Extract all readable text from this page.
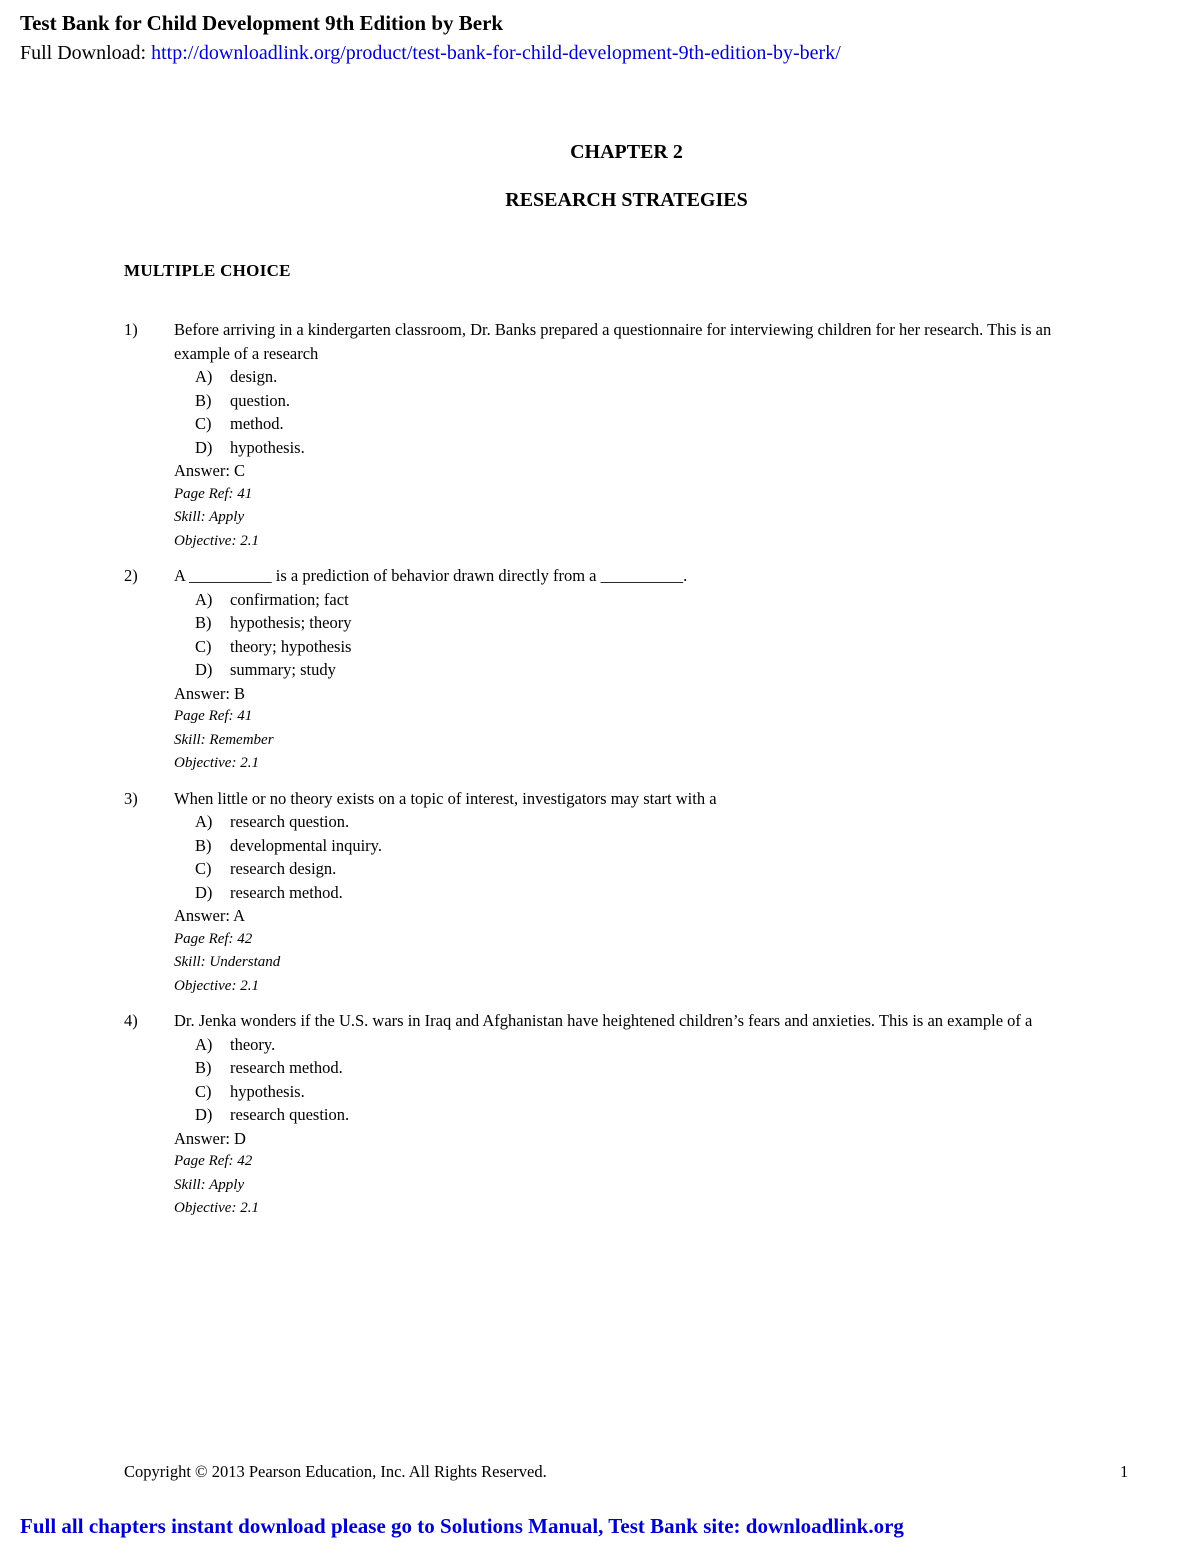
Test Bank for Child Development 9th Edition by Berk
Full Download: http://downloadlink.org/product/test-bank-for-child-development-9th-edition-by-berk/
CHAPTER 2
RESEARCH STRATEGIES
MULTIPLE CHOICE
1)	Before arriving in a kindergarten classroom, Dr. Banks prepared a questionnaire for interviewing children for her research. This is an example of a research
A)	design.
B)	question.
C)	method.
D)	hypothesis.
Answer: C
Page Ref: 41
Skill: Apply
Objective: 2.1
2)	A __________ is a prediction of behavior drawn directly from a __________.
A)	confirmation; fact
B)	hypothesis; theory
C)	theory; hypothesis
D)	summary; study
Answer: B
Page Ref: 41
Skill: Remember
Objective: 2.1
3)	When little or no theory exists on a topic of interest, investigators may start with a
A)	research question.
B)	developmental inquiry.
C)	research design.
D)	research method.
Answer: A
Page Ref: 42
Skill: Understand
Objective: 2.1
4)	Dr. Jenka wonders if the U.S. wars in Iraq and Afghanistan have heightened children’s fears and anxieties. This is an example of a
A)	theory.
B)	research method.
C)	hypothesis.
D)	research question.
Answer: D
Page Ref: 42
Skill: Apply
Objective: 2.1
Copyright © 2013 Pearson Education, Inc. All Rights Reserved.	1
Full all chapters instant download please go to Solutions Manual, Test Bank site: downloadlink.org
